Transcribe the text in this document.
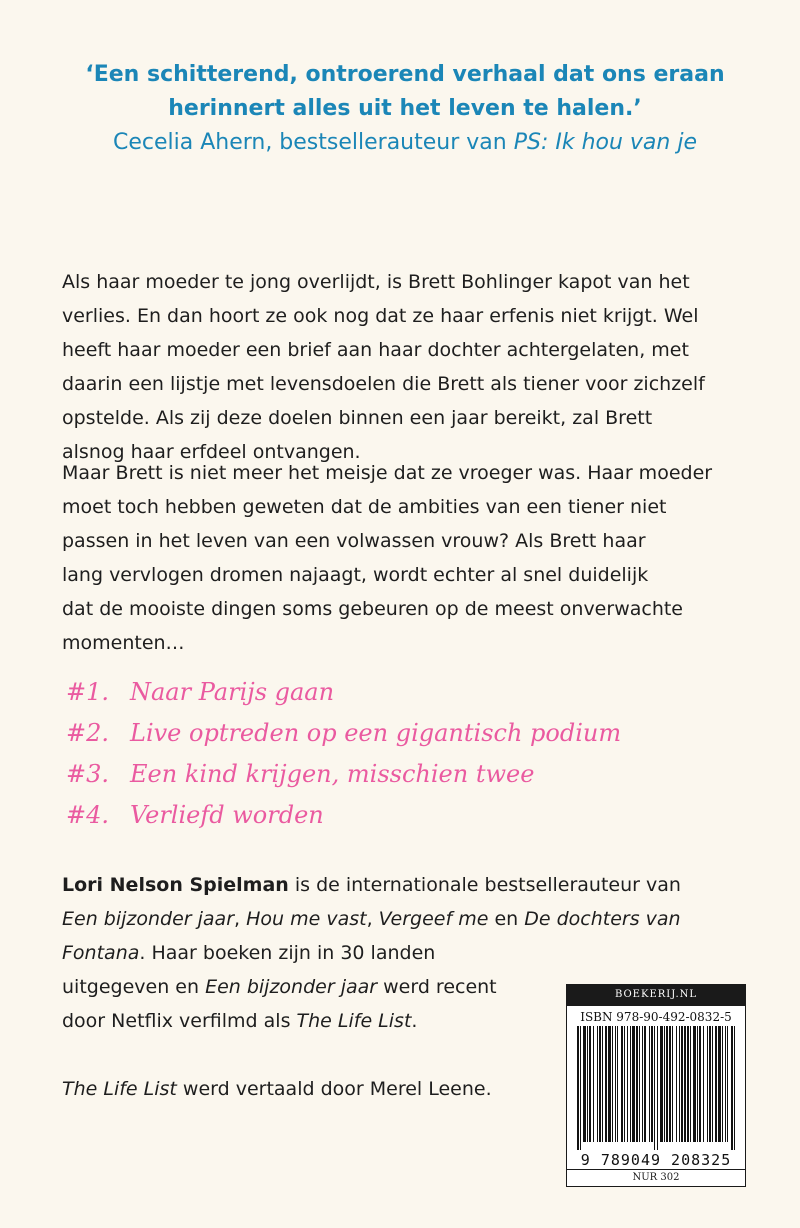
‘Een schitterend, ontroerend verhaal dat ons eraan
herinnert alles uit het leven te halen.’
Cecelia Ahern, bestsellerauteur van PS: Ik hou van je

Als haar moeder te jong overlijdt, is Brett Bohlinger kapot van het
verlies. En dan hoort ze ook nog dat ze haar erfenis niet krijgt. Wel
heeft haar moeder een brief aan haar dochter achtergelaten, met
daarin een lijstje met levensdoelen die Brett als tiener voor zichzelf
opstelde. Als zij deze doelen binnen een jaar bereikt, zal Brett
alsnog haar erfdeel ontvangen.

Maar Brett is niet meer het meisje dat ze vroeger was. Haar moeder
moet toch hebben geweten dat de ambities van een tiener niet
passen in het leven van een volwassen vrouw? Als Brett haar
lang vervlogen dromen najaagt, wordt echter al snel duidelijk
dat de mooiste dingen soms gebeuren op de meest onverwachte
momenten…

#1. Naar Parijs gaan
#2. Live optreden op een gigantisch podium
#3. Een kind krijgen, misschien twee
#4. Verliefd worden
Lori Nelson Spielman is de internationale bestsellerauteur van
Een bijzonder jaar, Hou me vast, Vergeef me en De dochters van
Fontana. Haar boeken zijn in 30 landen
uitgegeven en Een bijzonder jaar werd recent
door Netflix verfilmd als The Life List.
The Life List werd vertaald door Merel Leene.
BOEKERIJ.NL
ISBN 978-90-492-0832-5
9 789049 208325
NUR 302
